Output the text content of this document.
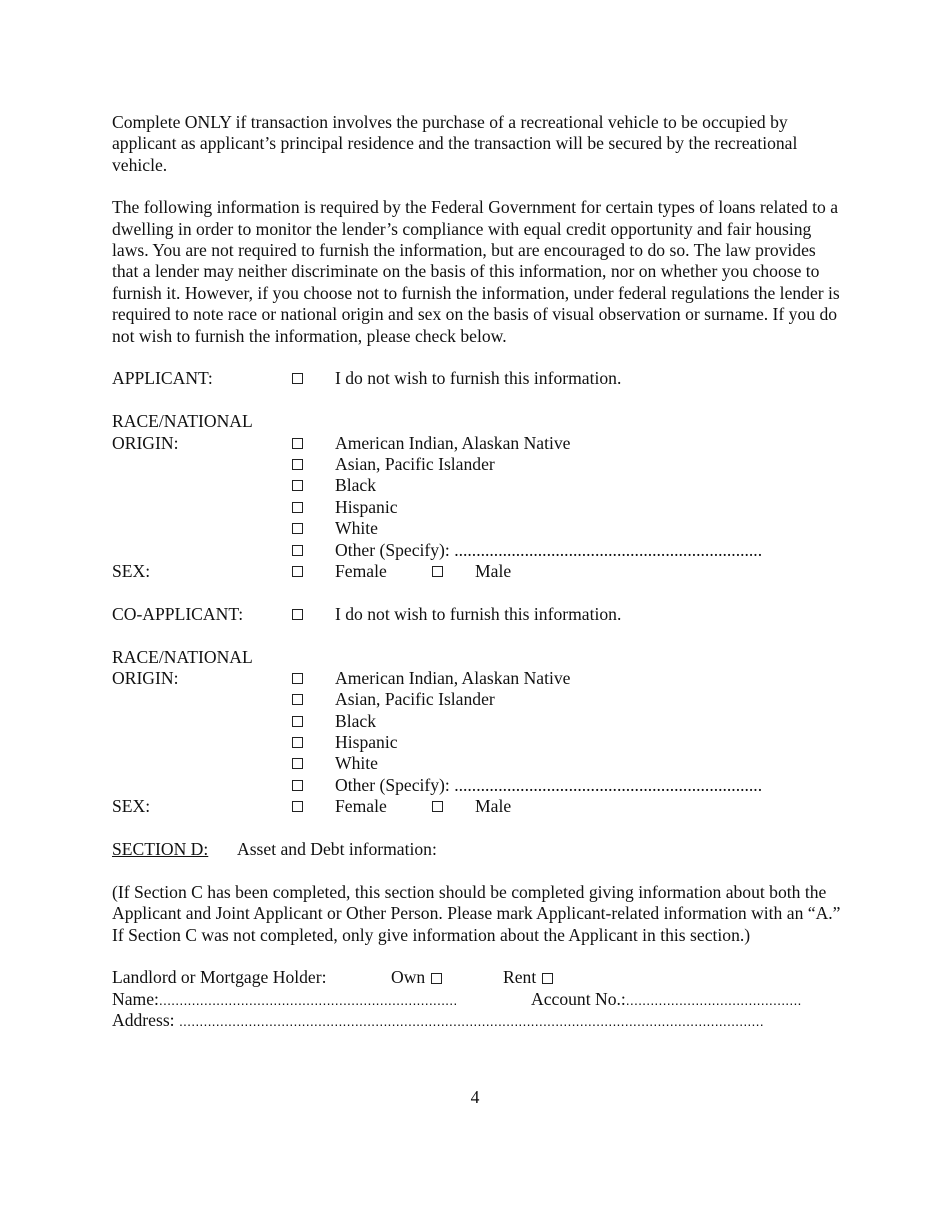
Complete ONLY if transaction involves the purchase of a recreational vehicle to be occupied by applicant as applicant’s principal residence and the transaction will be secured by the recreational vehicle.

The following information is required by the Federal Government for certain types of loans related to a dwelling in order to monitor the lender’s compliance with equal credit opportunity and fair housing laws. You are not required to furnish the information, but are encouraged to do so. The law provides that a lender may neither discriminate on the basis of this information, nor on whether you choose to furnish it. However, if you choose not to furnish the information, under federal regulations the lender is required to note race or national origin and sex on the basis of visual observation or surname. If you do not wish to furnish the information, please check below.

APPLICANT:	I do not wish to furnish this information.
RACE/NATIONAL
ORIGIN:	American Indian, Alaskan Native
Asian, Pacific Islander
Black
Hispanic
White
Other (Specify): ......................................................................
SEX:	Female	Male
CO-APPLICANT:	I do not wish to furnish this information.
RACE/NATIONAL
ORIGIN:	American Indian, Alaskan Native
Asian, Pacific Islander
Black
Hispanic
White
Other (Specify): ......................................................................
SEX:	Female	Male
SECTION D: Asset and Debt information:

(If Section C has been completed, this section should be completed giving information about both the Applicant and Joint Applicant or Other Person. Please mark Applicant-related information with an “A.” If Section C was not completed, only give information about the Applicant in this section.)

Landlord or Mortgage Holder:	Own	Rent
Name:.........................................................................	Account No.:...........................................
Address: ...............................................................................................................................................
4
